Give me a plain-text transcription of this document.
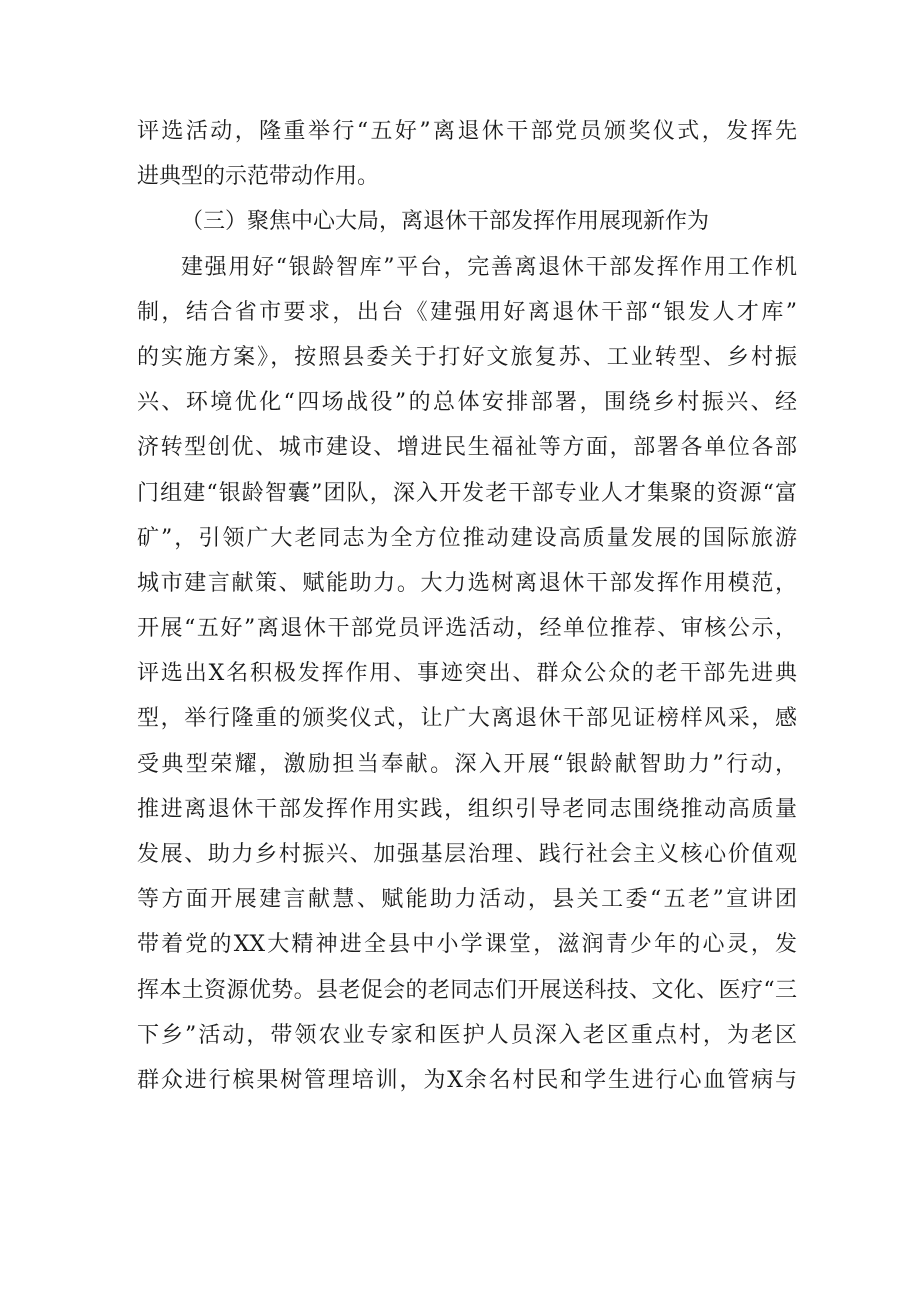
评选活动，隆重举行“五好”离退休干部党员颁奖仪式，发挥先
进典型的示范带动作用。
（三）聚焦中心大局，离退休干部发挥作用展现新作为
建强用好“银龄智库”平台，完善离退休干部发挥作用工作机
制，结合省市要求，出台《建强用好离退休干部“银发人才库”
的实施方案》，按照县委关于打好文旅复苏、工业转型、乡村振
兴、环境优化“四场战役”的总体安排部署，围绕乡村振兴、经
济转型创优、城市建设、增进民生福祉等方面，部署各单位各部
门组建“银龄智囊”团队，深入开发老干部专业人才集聚的资源“富
矿”，引领广大老同志为全方位推动建设高质量发展的国际旅游
城市建言献策、赋能助力。大力选树离退休干部发挥作用模范，
开展“五好”离退休干部党员评选活动，经单位推荐、审核公示，
评选出X名积极发挥作用、事迹突出、群众公众的老干部先进典
型，举行隆重的颁奖仪式，让广大离退休干部见证榜样风采，感
受典型荣耀，激励担当奉献。深入开展“银龄献智助力”行动，
推进离退休干部发挥作用实践，组织引导老同志围绕推动高质量
发展、助力乡村振兴、加强基层治理、践行社会主义核心价值观
等方面开展建言献慧、赋能助力活动，县关工委“五老”宣讲团
带着党的XX大精神进全县中小学课堂，滋润青少年的心灵，发
挥本土资源优势。县老促会的老同志们开展送科技、文化、医疗“三
下乡”活动，带领农业专家和医护人员深入老区重点村，为老区
群众进行槟果树管理培训，为X余名村民和学生进行心血管病与
